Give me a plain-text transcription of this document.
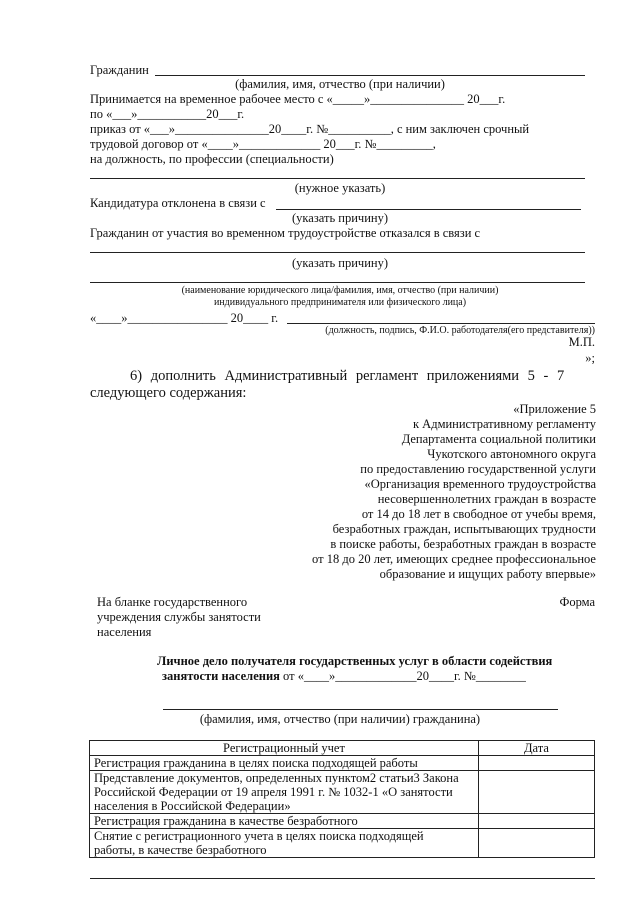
Гражданин
(фамилия, имя, отчество (при наличии)
Принимается на временное рабочее место с «_____»_______________ 20___г.
по «___»___________20___г.
приказ от «___»_______________20____г. №__________, с ним заключен срочный
трудовой договор от «____»_____________ 20___г. №_________,
на должность, по профессии (специальности)
(нужное указать)
Кандидатура отклонена в связи с
(указать причину)
Гражданин от участия во временном трудоустройстве отказался в связи с
(указать причину)
(наименование юридического лица/фамилия, имя, отчество (при наличии)
индивидуального предпринимателя или физического лица)
«____»________________ 20____ г.
(должность, подпись, Ф.И.О. работодателя(его представителя))
М.П.
»;
6) дополнить Административный регламент приложениями 5 - 7
следующего содержания:
«Приложение 5
к Административному регламенту
Департамента социальной политики
Чукотского автономного округа
по предоставлению государственной услуги
«Организация временного трудоустройства
несовершеннолетних граждан в возрасте
от 14 до 18 лет в свободное от учебы время,
безработных граждан, испытывающих трудности
в поиске работы, безработных граждан в возрасте
от 18 до 20 лет, имеющих среднее профессиональное
образование и ищущих работу впервые»
На бланке государственного
учреждения службы занятости
населения
Форма
Личное дело получателя государственных услуг в области содействия
занятости населения от «____»_____________20____г. №________
(фамилия, имя, отчество (при наличии) гражданина)
Регистрационный учет	Дата

Регистрация гражданина в целях поиска подходящей работы	

Представление документов, определенных пунктом2 статьи3 Закона
Российской Федерации от 19 апреля 1991 г. № 1032-1 «О занятости
населения в Российской Федерации»	

Регистрация гражданина в качестве безработного	

Снятие с регистрационного учета в целях поиска подходящей
работы, в качестве безработного	
